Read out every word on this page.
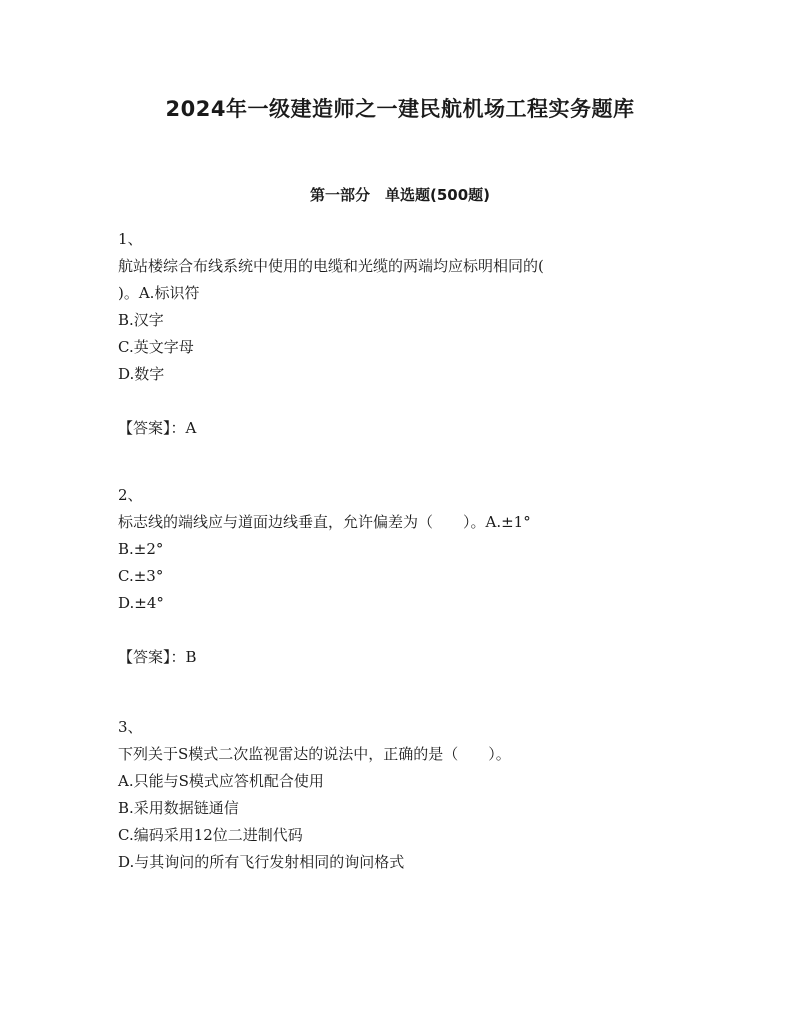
2024年一级建造师之一建民航机场工程实务题库
第一部分　单选题(500题)
1、
航站楼综合布线系统中使用的电缆和光缆的两端均应标明相同的(
)。A.标识符
B.汉字
C.英文字母
D.数字
【答案】：A
2、
标志线的端线应与道面边线垂直，允许偏差为（　　）。A.±1°
B.±2°
C.±3°
D.±4°
【答案】：B
3、
下列关于S模式二次监视雷达的说法中，正确的是（　　）。
A.只能与S模式应答机配合使用
B.采用数据链通信
C.编码采用12位二进制代码
D.与其询问的所有飞行发射相同的询问格式
